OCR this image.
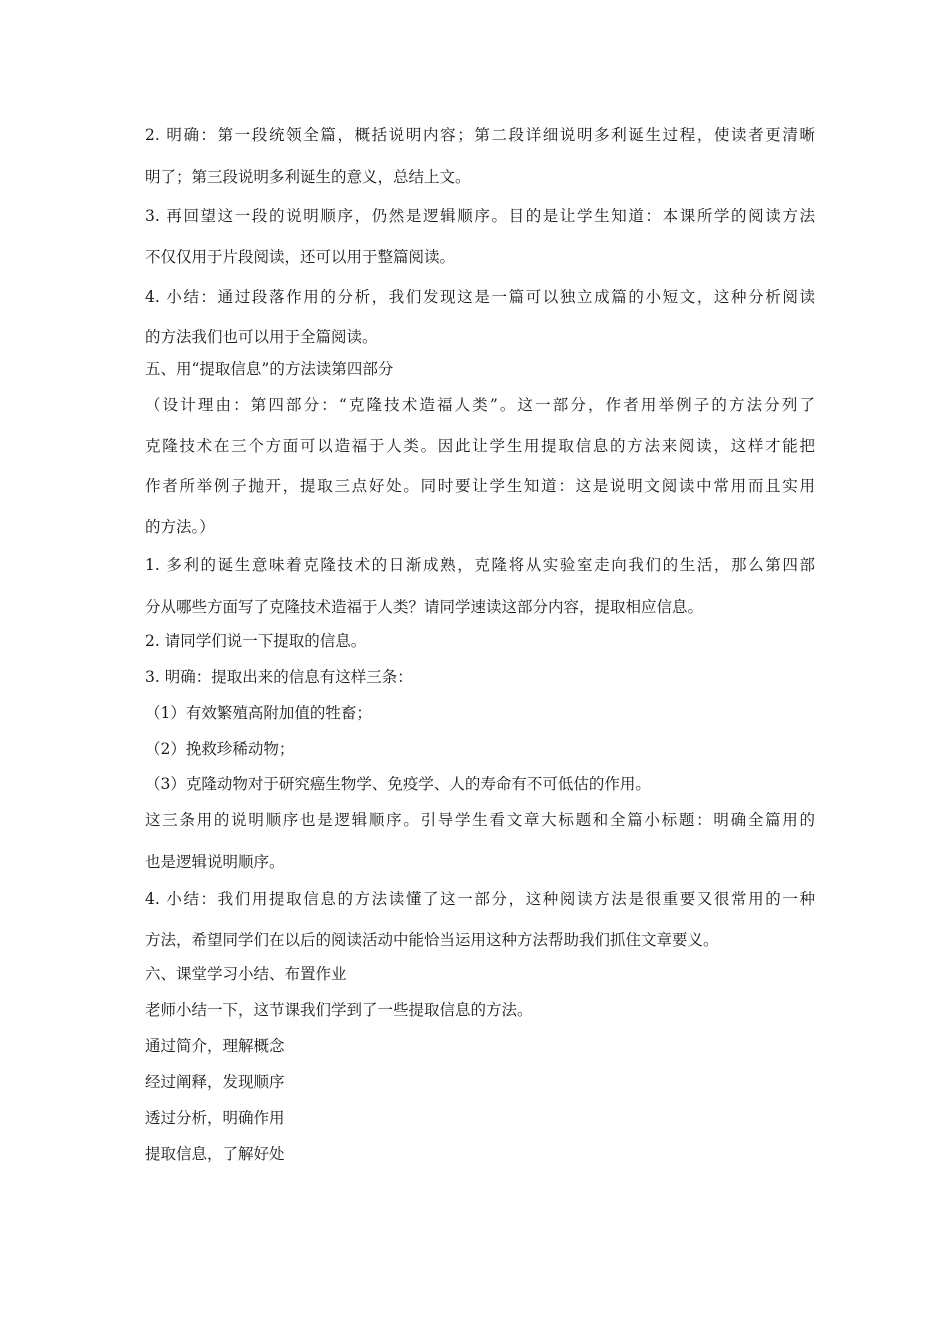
2. 明确：第一段统领全篇，概括说明内容；第二段详细说明多利诞生过程，使读者更清晰

明了；第三段说明多利诞生的意义，总结上文。

3. 再回望这一段的说明顺序，仍然是逻辑顺序。目的是让学生知道：本课所学的阅读方法

不仅仅用于片段阅读，还可以用于整篇阅读。

4. 小结：通过段落作用的分析，我们发现这是一篇可以独立成篇的小短文，这种分析阅读

的方法我们也可以用于全篇阅读。

五、用“提取信息”的方法读第四部分

（设计理由：第四部分：“克隆技术造福人类”。这一部分，作者用举例子的方法分列了

克隆技术在三个方面可以造福于人类。因此让学生用提取信息的方法来阅读，这样才能把

作者所举例子抛开，提取三点好处。同时要让学生知道：这是说明文阅读中常用而且实用

的方法。）

1. 多利的诞生意味着克隆技术的日渐成熟，克隆将从实验室走向我们的生活，那么第四部

分从哪些方面写了克隆技术造福于人类？请同学速读这部分内容，提取相应信息。

2. 请同学们说一下提取的信息。

3. 明确：提取出来的信息有这样三条：

（1）有效繁殖高附加值的牲畜；

（2）挽救珍稀动物；

（3）克隆动物对于研究癌生物学、免疫学、人的寿命有不可低估的作用。

这三条用的说明顺序也是逻辑顺序。引导学生看文章大标题和全篇小标题：明确全篇用的

也是逻辑说明顺序。

4. 小结：我们用提取信息的方法读懂了这一部分，这种阅读方法是很重要又很常用的一种

方法，希望同学们在以后的阅读活动中能恰当运用这种方法帮助我们抓住文章要义。

六、课堂学习小结、布置作业

老师小结一下，这节课我们学到了一些提取信息的方法。

通过简介，理解概念

经过阐释，发现顺序

透过分析，明确作用

提取信息，了解好处
